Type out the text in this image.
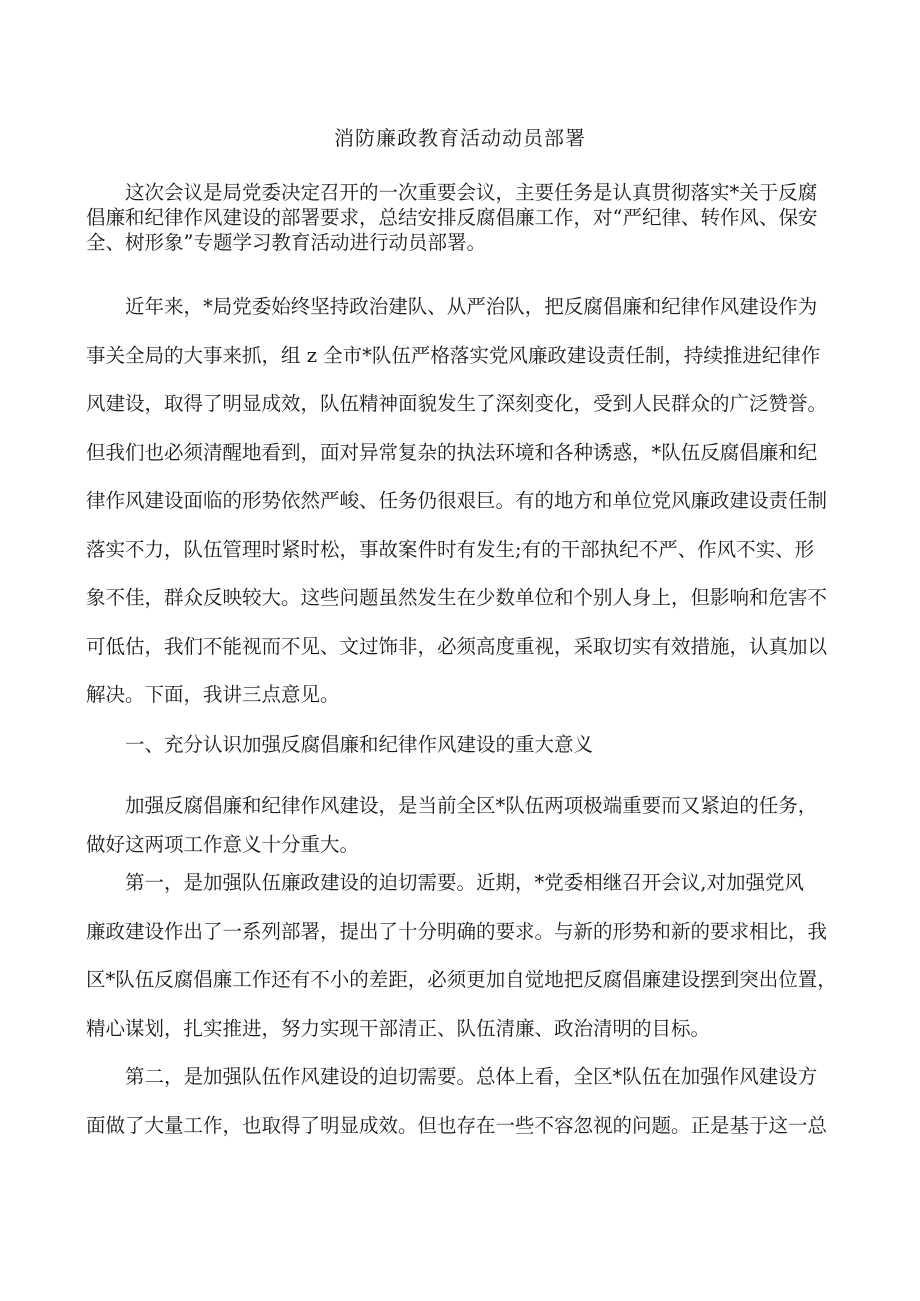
消防廉政教育活动动员部署
这次会议是局党委决定召开的一次重要会议，主要任务是认真贯彻落实*关于反腐
倡廉和纪律作风建设的部署要求，总结安排反腐倡廉工作，对“严纪律、转作风、保安
全、树形象”专题学习教育活动进行动员部署。
近年来，*局党委始终坚持政治建队、从严治队，把反腐倡廉和纪律作风建设作为
事关全局的大事来抓，组 z 全市*队伍严格落实党风廉政建设责任制，持续推进纪律作
风建设，取得了明显成效，队伍精神面貌发生了深刻变化，受到人民群众的广泛赞誉。
但我们也必须清醒地看到，面对异常复杂的执法环境和各种诱惑，*队伍反腐倡廉和纪
律作风建设面临的形势依然严峻、任务仍很艰巨。有的地方和单位党风廉政建设责任制
落实不力，队伍管理时紧时松，事故案件时有发生;有的干部执纪不严、作风不实、形
象不佳，群众反映较大。这些问题虽然发生在少数单位和个别人身上，但影响和危害不
可低估，我们不能视而不见、文过饰非，必须高度重视，采取切实有效措施，认真加以
解决。下面，我讲三点意见。
一、充分认识加强反腐倡廉和纪律作风建设的重大意义
加强反腐倡廉和纪律作风建设，是当前全区*队伍两项极端重要而又紧迫的任务，
做好这两项工作意义十分重大。
第一，是加强队伍廉政建设的迫切需要。近期，*党委相继召开会议,对加强党风
廉政建设作出了一系列部署，提出了十分明确的要求。与新的形势和新的要求相比，我
区*队伍反腐倡廉工作还有不小的差距，必须更加自觉地把反腐倡廉建设摆到突出位置，
精心谋划，扎实推进，努力实现干部清正、队伍清廉、政治清明的目标。
第二，是加强队伍作风建设的迫切需要。总体上看，全区*队伍在加强作风建设方
面做了大量工作，也取得了明显成效。但也存在一些不容忽视的问题。正是基于这一总
